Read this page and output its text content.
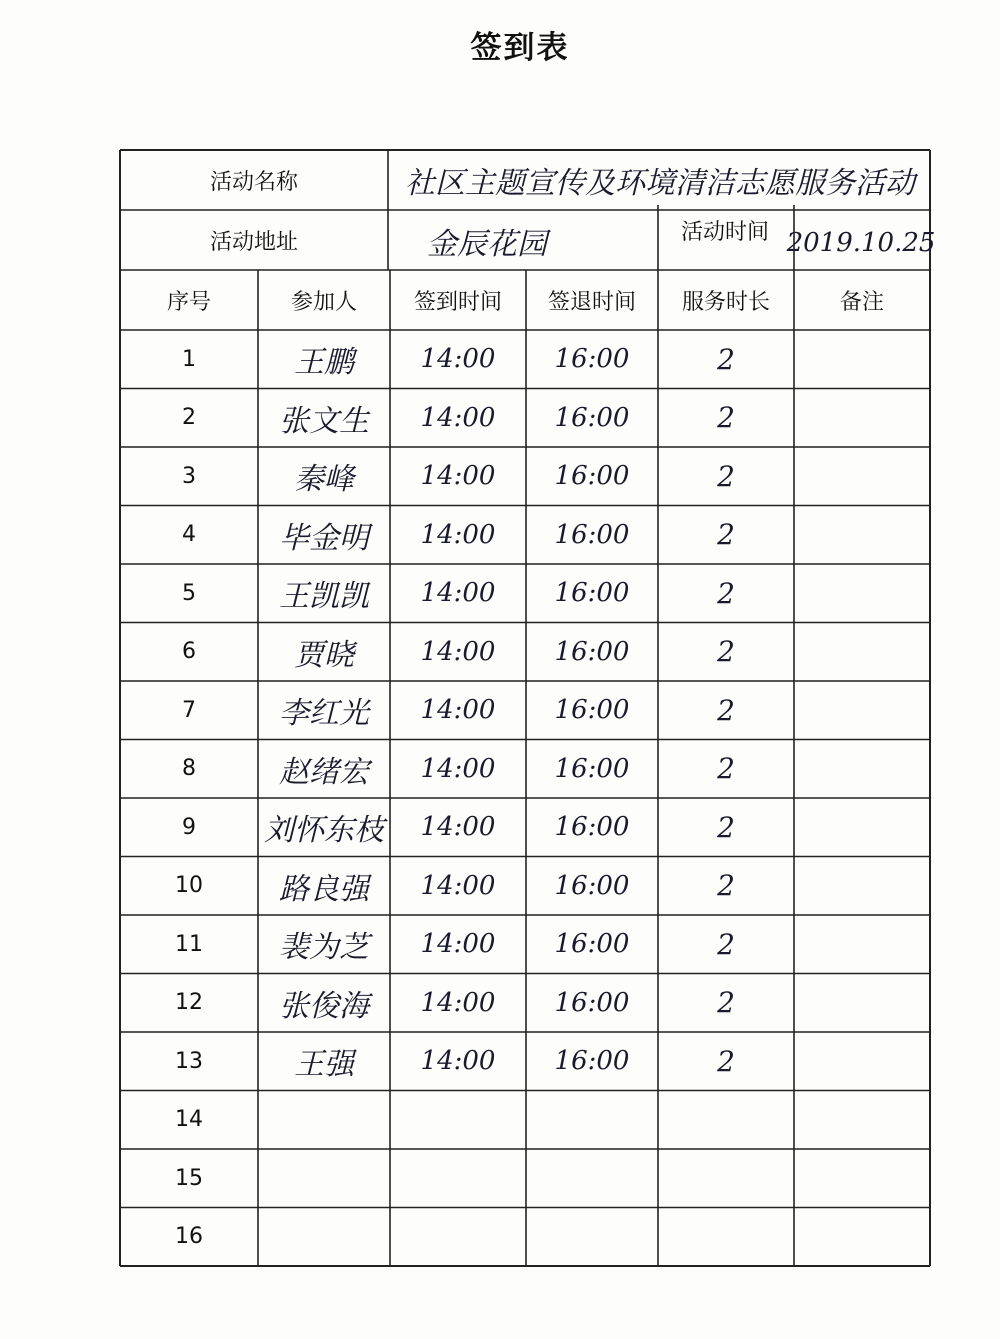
签到表
活动名称	社区主题宣传及环境清洁志愿服务活动
活动地址	金辰花园	活动时间 2019.10.25
序号	参加人	签到时间	签退时间	服务时长	备注
1	王鹏	14:00	16:00	2
2	张文生	14:00	16:00	2
3	秦峰	14:00	16:00	2
4	毕金明	14:00	16:00	2
5	王凯凯	14:00	16:00	2
6	贾晓	14:00	16:00	2
7	李红光	14:00	16:00	2
8	赵绪宏	14:00	16:00	2
9	刘怀东枝	14:00	16:00	2
10	路良强	14:00	16:00	2
11	裴为芝	14:00	16:00	2
12	张俊海	14:00	16:00	2
13	王强	14:00	16:00	2
14
15
16
